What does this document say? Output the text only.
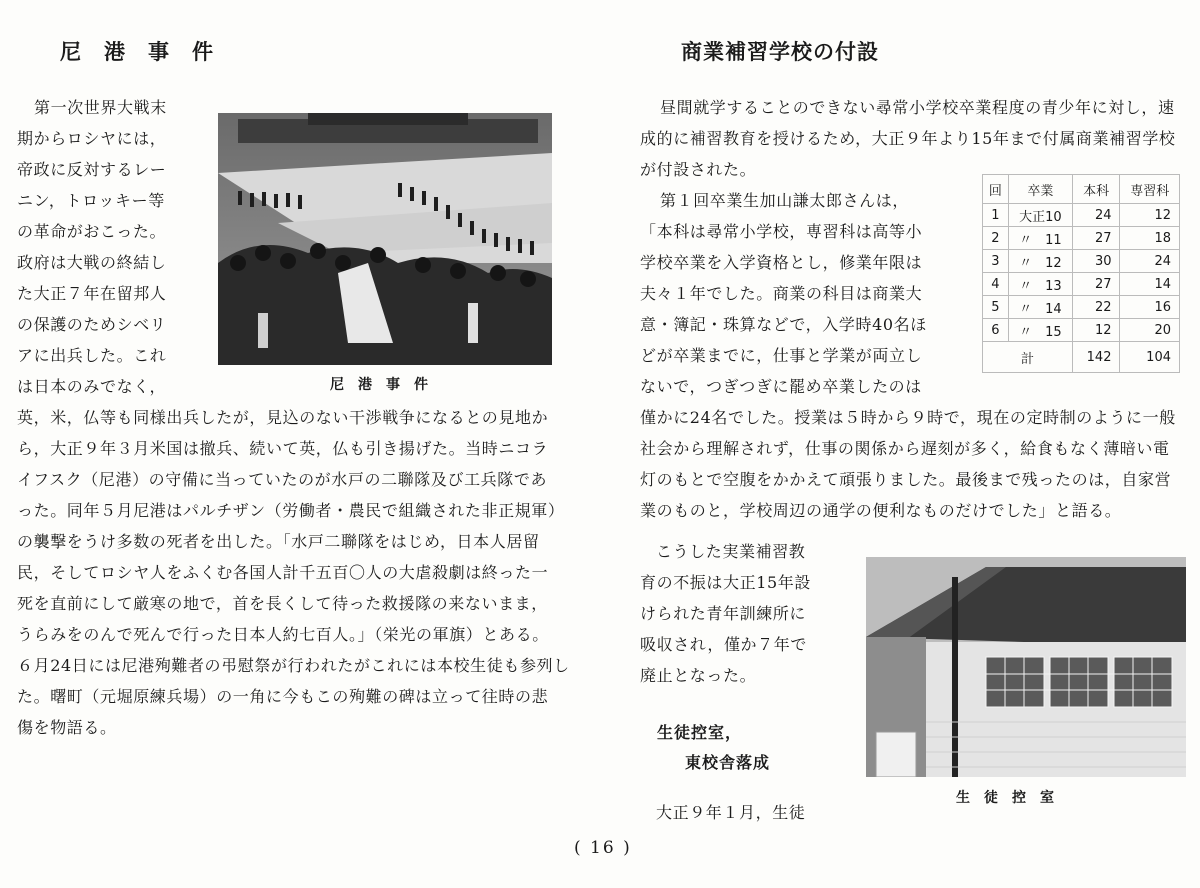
尼　港　事　件
第一次世界大戦末
期からロシヤには，
帝政に反対するレー
ニン，トロッキー等
の革命がおこった。
政府は大戦の終結し
た大正７年在留邦人
の保護のためシベリ
アに出兵した。これ
は日本のみでなく，	尼港事件
英，米，仏等も同様出兵したが，見込のない干渉戦争になるとの見地か
ら，大正９年３月米国は撤兵、続いて英，仏も引き揚げた。当時ニコラ
イフスク（尼港）の守備に当っていたのが水戸の二聯隊及び工兵隊であ
った。同年５月尼港はパルチザン（労働者・農民で組織された非正規軍）
の襲撃をうけ多数の死者を出した。「水戸二聯隊をはじめ，日本人居留
民，そしてロシヤ人をふくむ各国人計千五百〇人の大虐殺劇は終った一
死を直前にして厳寒の地で，首を長くして待った救援隊の来ないまま，
うらみをのんで死んで行った日本人約七百人。」（栄光の軍旗）とある。
６月24日には尼港殉難者の弔慰祭が行われたがこれには本校生徒も参列し
た。曙町（元堀原練兵場）の一角に今もこの殉難の碑は立って往時の悲
傷を物語る。
商業補習学校の付設
昼間就学することのできない尋常小学校卒業程度の青少年に対し，速
成的に補習教育を授けるため，大正９年より15年まで付属商業補習学校
が付設された。
第１回卒業生加山謙太郎さんは，
「本科は尋常小学校，専習科は高等小
学校卒業を入学資格とし，修業年限は
夫々１年でした。商業の科目は商業大
意・簿記・珠算などで，入学時40名ほ
どが卒業までに，仕事と学業が両立し
ないで，つぎつぎに罷め卒業したのは
回	卒業	本科	専習科
1	大正10	24	12
2	〃　11	27	18
3	〃　12	30	24
4	〃　13	27	14
5	〃　14	22	16
6	〃　15	12	20
計		142	104
僅かに24名でした。授業は５時から９時で，現在の定時制のように一般
社会から理解されず，仕事の関係から遅刻が多く，給食もなく薄暗い電
灯のもとで空腹をかかえて頑張りました。最後まで残ったのは，自家営
業のものと，学校周辺の通学の便利なものだけでした」と語る。
こうした実業補習教
育の不振は大正15年設
けられた青年訓練所に
吸収され，僅か７年で
廃止となった。
生徒控室，
東校舎落成
大正９年１月，生徒
生徒控室
( 16 )
